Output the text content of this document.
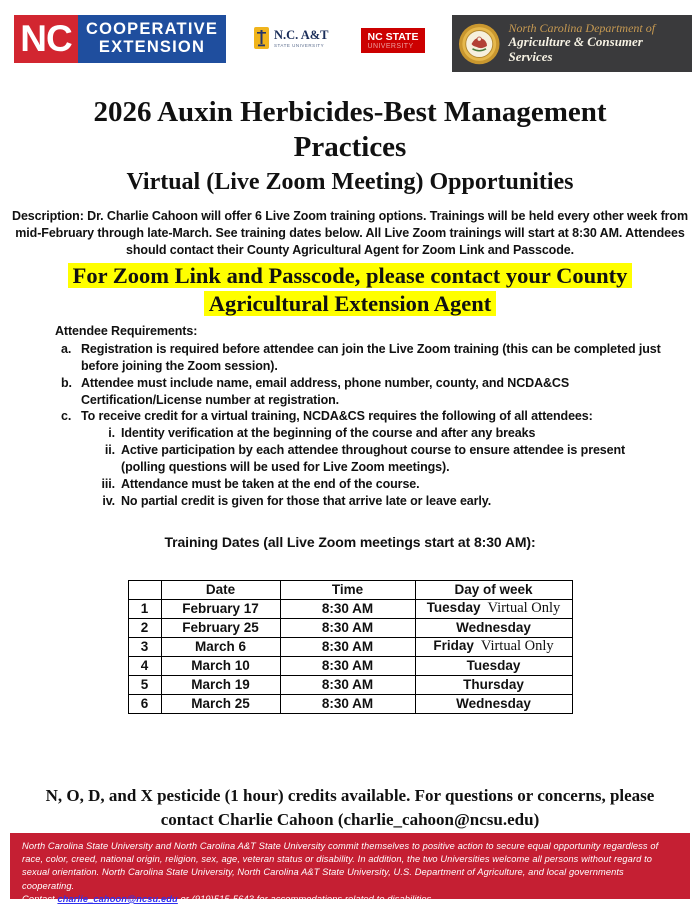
NC COOPERATIVE
EXTENSION
N.C. A&T
STATE UNIVERSITY
NC STATE
UNIVERSITY
North Carolina Department of
Agriculture & Consumer Services
2026 Auxin Herbicides-Best Management Practices
Virtual (Live Zoom Meeting) Opportunities

Description: Dr. Charlie Cahoon will offer 6 Live Zoom training options. Trainings will be held every other week from mid-February through late-March. See training dates below. All Live Zoom trainings will start at 8:30 AM. Attendees should contact their County Agricultural Agent for Zoom Link and Passcode.

For Zoom Link and Passcode, please contact your County Agricultural Extension Agent
Attendee Requirements:
a. Registration is required before attendee can join the Live Zoom training (this can be completed just before joining the Zoom session).
b. Attendee must include name, email address, phone number, county, and NCDA&CS Certification/License number at registration.
c. To receive credit for a virtual training, NCDA&CS requires the following of all attendees:
i. Identity verification at the beginning of the course and after any breaks
ii. Active participation by each attendee throughout course to ensure attendee is present (polling questions will be used for Live Zoom meetings).
iii. Attendance must be taken at the end of the course.
iv. No partial credit is given for those that arrive late or leave early.

Training Dates (all Live Zoom meetings start at 8:30 AM):

	Date	Time	Day of week
1	February 17	8:30 AM	Tuesday Virtual Only
2	February 25	8:30 AM	Wednesday
3	March 6	8:30 AM	Friday Virtual Only
4	March 10	8:30 AM	Tuesday
5	March 19	8:30 AM	Thursday
6	March 25	8:30 AM	Wednesday

N, O, D, and X pesticide (1 hour) credits available. For questions or concerns, please contact Charlie Cahoon (charlie_cahoon@ncsu.edu)

North Carolina State University and North Carolina A&T State University commit themselves to positive action to secure equal opportunity regardless of race, color, creed, national origin, religion, sex, age, veteran status or disability. In addition, the two Universities welcome all persons without regard to sexual orientation. North Carolina State University, North Carolina A&T State University, U.S. Department of Agriculture, and local governments cooperating.
Contact charlie_cahoon@ncsu.edu or (919)515-5643 for accommodations related to disabilities.
